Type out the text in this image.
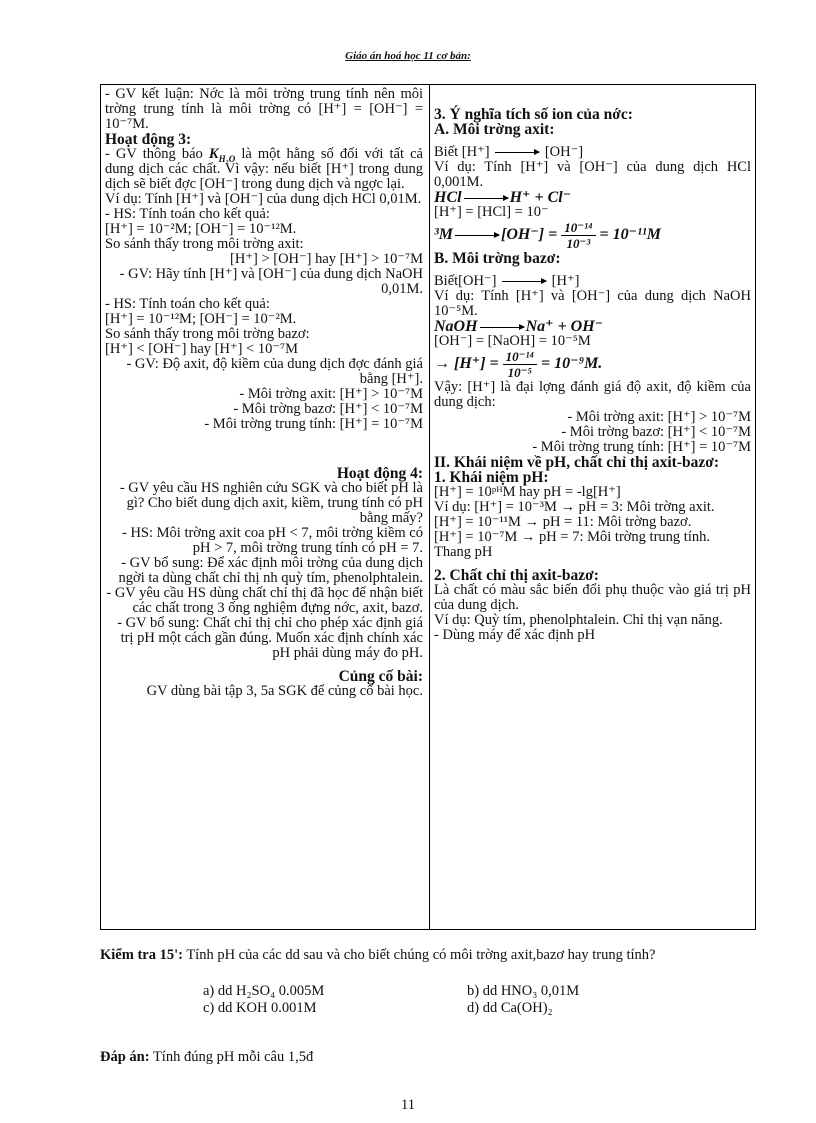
Giáo án hoá học 11 cơ bản:
- GV kết luận: Nớc là môi trờng trung tính nên môi trờng trung tính là môi trờng có [H⁺] = [OH⁻] = 10⁻⁷M.
Hoạt động 3:
- GV thông báo $K_{H_2O}$ là một hằng số đối với tất cả dung dịch các chất. Vì vậy: nếu biết [H⁺] trong dung dịch sẽ biết đợc [OH⁻] trong dung dịch và ngợc lại.
Ví dụ: Tính [H⁺] và [OH⁻] của dung dịch HCl 0,01M.
- HS: Tính toán cho kết quả:
[H⁺] = 10⁻²M; [OH⁻] = 10⁻¹²M.
So sánh thấy trong môi trờng axit:
[H⁺] > [OH⁻] hay [H⁺] > 10⁻⁷M
- GV: Hãy tính [H⁺] và [OH⁻] của dung dịch NaOH 0,01M.
- HS: Tính toán cho kết quả:
[H⁺] = 10⁻¹²M; [OH⁻] = 10⁻²M.
So sánh thấy trong môi trờng bazơ:
[H⁺] < [OH⁻] hay [H⁺] < 10⁻⁷M
- GV: Độ axit, độ kiềm của dung dịch đợc đánh giá bằng [H⁺].
- Môi trờng axit: [H⁺] > 10⁻⁷M
- Môi trờng bazơ: [H⁺] < 10⁻⁷M
- Môi trờng trung tính: [H⁺] = 10⁻⁷M
Hoạt động 4:
- GV yêu cầu HS nghiên cứu SGK và cho biết pH là gì? Cho biết dung dịch axit, kiềm, trung tính có pH bằng mấy?
- HS: Môi trờng axit coa pH < 7, môi trờng kiềm có pH > 7, môi trờng trung tính có pH = 7.
- GV bổ sung: Để xác định môi trờng của dung dịch ngời ta dùng chất chỉ thị nh quỳ tím, phenolphtalein.
- GV yêu cầu HS dùng chất chỉ thị đã học để nhận biết các chất trong 3 ống nghiệm đựng nớc, axit, bazơ.
- GV bổ sung: Chất chỉ thị chỉ cho phép xác định giá trị pH một cách gần đúng. Muốn xác định chính xác pH phải dùng máy đo pH.
Củng cố bài:
GV dùng bài tập 3, 5a SGK để củng cố bài học.
3. Ý nghĩa tích số ion của nớc:
A. Môi trờng axit:
Biết [H⁺]	[OH⁻]
Ví dụ: Tính [H⁺] và [OH⁻] của dung dịch HCl 0,001M.
HCl	H⁺ + Cl⁻
[H⁺] = [HCl] = 10⁻
³M	$[OH^-] = \frac{\text{10⁻¹⁴}}{\text{10⁻³}} = 10^{-11}M$
B. Môi trờng bazơ:
Biết[OH⁻]	[H⁺]
Ví dụ: Tính [H⁺] và [OH⁻] của dung dịch NaOH 10⁻⁵M.
NaOH	Na⁺ + OH⁻
[OH⁻] = [NaOH] = 10⁻⁵M
→ $[H^+] = \frac{\text{10⁻¹⁴}}{\text{10⁻⁵}} = 10^{-9}M$.
Vậy: [H⁺] là đại lợng đánh giá độ axit, độ kiềm của dung dịch:
- Môi trờng axit: [H⁺] > 10⁻⁷M
- Môi trờng bazơ: [H⁺] < 10⁻⁷M
- Môi trờng trung tính: [H⁺] = 10⁻⁷M
II. Khái niệm về pH, chất chỉ thị axit-bazơ:
1. Khái niệm pH:
[H⁺] = 10ᵖᴴM hay pH = -lg[H⁺]
Ví dụ: [H⁺] = 10⁻³M → pH = 3: Môi trờng axit.
[H⁺] = 10⁻¹¹M → pH = 11: Môi trờng bazơ.
[H⁺] = 10⁻⁷M → pH = 7: Môi trờng trung tính.
Thang pH
2. Chất chỉ thị axit-bazơ:
Là chất có màu sắc biến đổi phụ thuộc vào giá trị pH của dung dịch.
Ví dụ: Quỳ tím, phenolphtalein. Chỉ thị vạn năng.
- Dùng máy để xác định pH
Kiểm tra 15': Tính pH của các dd sau và cho biết chúng có môi trờng axit,bazơ hay trung tính?
a) dd H₂SO₄ 0.005M	b) dd HNO₃ 0,01M
c) dd KOH 0.001M	d) dd Ca(OH)₂
Đáp án: Tính đúng pH mỗi câu 1,5đ
11
